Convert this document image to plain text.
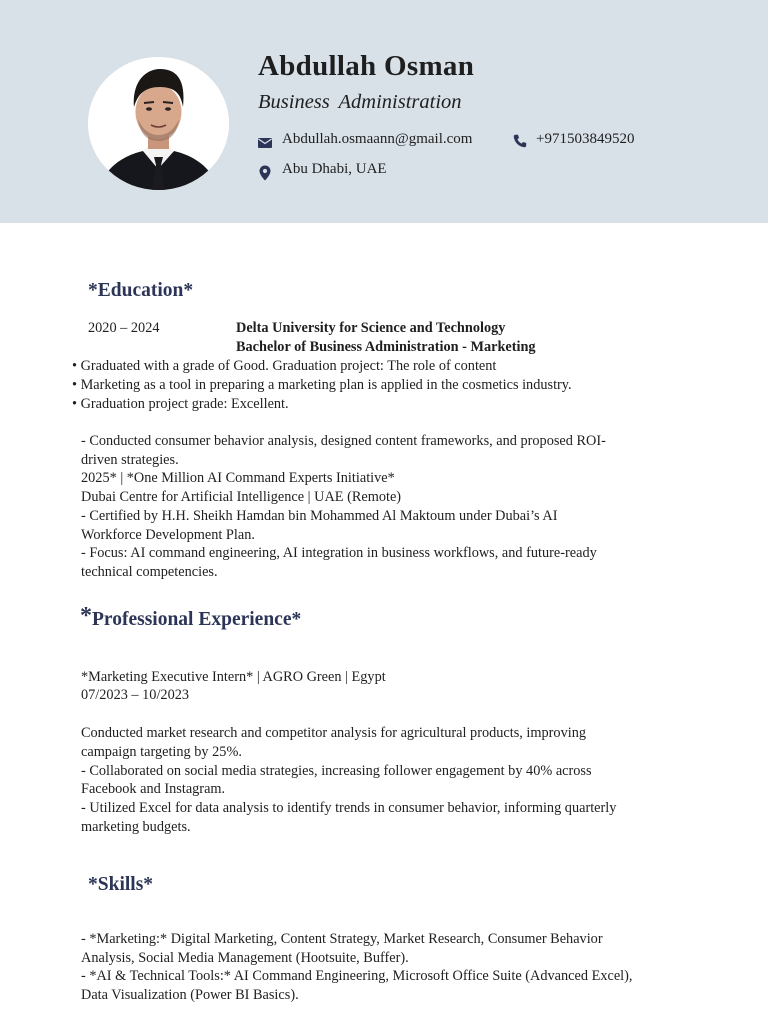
Abdullah Osman
Business Administration
Abdullah.osmaann@gmail.com	+971503849520
Abu Dhabi, UAE
*Education*
2020 – 2024	Delta University for Science and Technology
Bachelor of Business Administration - Marketing
• Graduated with a grade of Good. Graduation project: The role of content
• Marketing as a tool in preparing a marketing plan is applied in the cosmetics industry.
• Graduation project grade: Excellent.
- Conducted consumer behavior analysis, designed content frameworks, and proposed ROI-
driven strategies.
2025* | *One Million AI Command Experts Initiative*
Dubai Centre for Artificial Intelligence | UAE (Remote)
- Certified by H.H. Sheikh Hamdan bin Mohammed Al Maktoum under Dubai’s AI
Workforce Development Plan.
- Focus: AI command engineering, AI integration in business workflows, and future-ready
technical competencies.
*Professional Experience*
*Marketing Executive Intern* | AGRO Green | Egypt
07/2023 – 10/2023
Conducted market research and competitor analysis for agricultural products, improving
campaign targeting by 25%.
- Collaborated on social media strategies, increasing follower engagement by 40% across
Facebook and Instagram.
- Utilized Excel for data analysis to identify trends in consumer behavior, informing quarterly
marketing budgets.
*Skills*
- *Marketing:* Digital Marketing, Content Strategy, Market Research, Consumer Behavior
Analysis, Social Media Management (Hootsuite, Buffer).
- *AI & Technical Tools:* AI Command Engineering, Microsoft Office Suite (Advanced Excel),
Data Visualization (Power BI Basics).
